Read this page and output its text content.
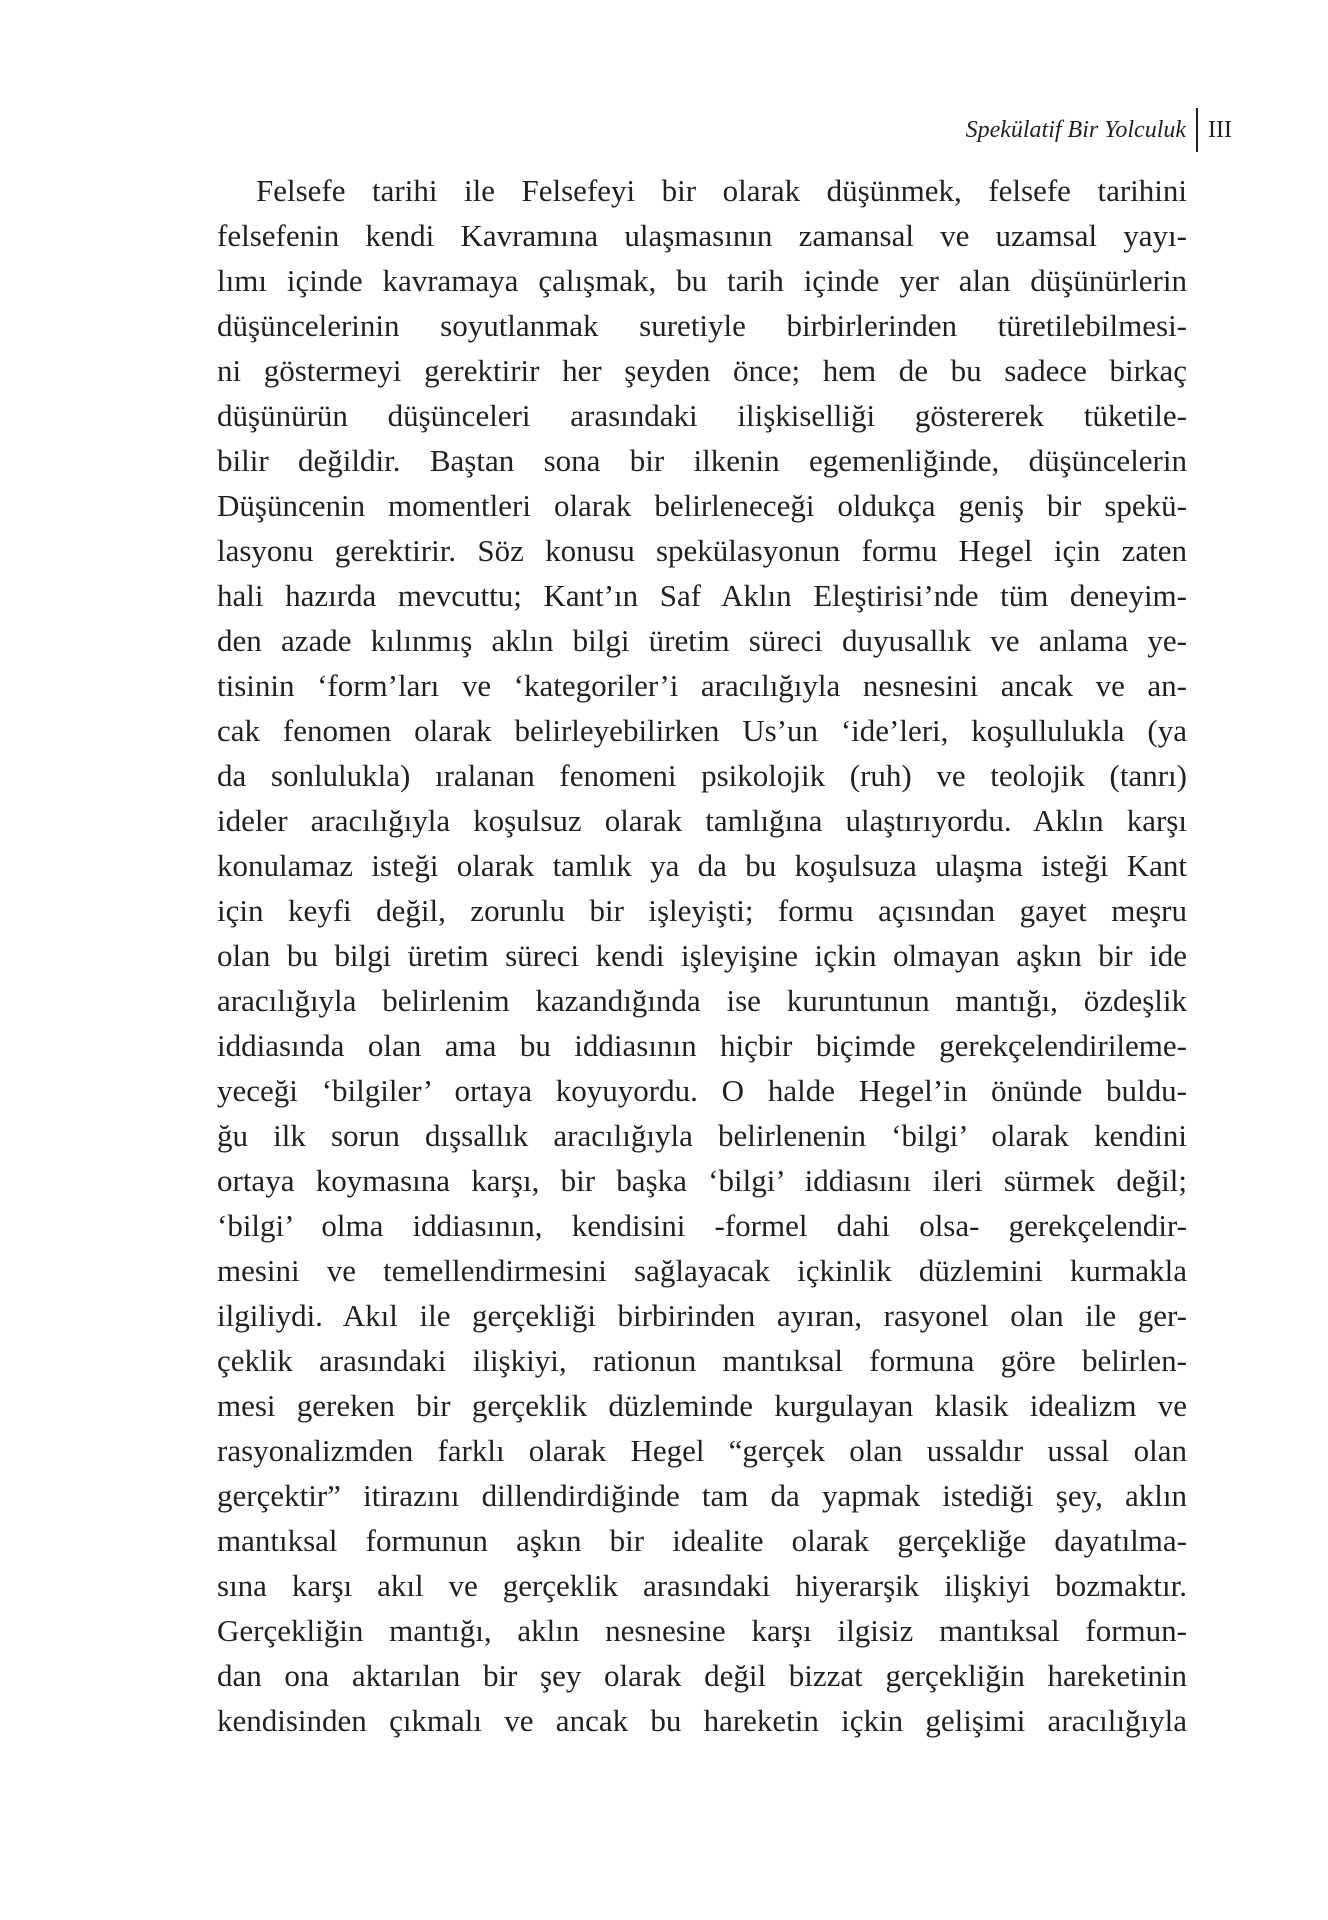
Spekülatif Bir Yolculuk III
Felsefe tarihi ile Felsefeyi bir olarak düşünmek, felsefe tarihini
felsefenin kendi Kavramına ulaşmasının zamansal ve uzamsal yayı-
lımı içinde kavramaya çalışmak, bu tarih içinde yer alan düşünürlerin
düşüncelerinin soyutlanmak suretiyle birbirlerinden türetilebilmesi-
ni göstermeyi gerektirir her şeyden önce; hem de bu sadece birkaç
düşünürün düşünceleri arasındaki ilişkiselliği göstererek tüketile-
bilir değildir. Baştan sona bir ilkenin egemenliğinde, düşüncelerin
Düşüncenin momentleri olarak belirleneceği oldukça geniş bir spekü-
lasyonu gerektirir. Söz konusu spekülasyonun formu Hegel için zaten
hali hazırda mevcuttu; Kant’ın Saf Aklın Eleştirisi’nde tüm deneyim-
den azade kılınmış aklın bilgi üretim süreci duyusallık ve anlama ye-
tisinin ‘form’ları ve ‘kategoriler’i aracılığıyla nesnesini ancak ve an-
cak fenomen olarak belirleyebilirken Us’un ‘ide’leri, koşullulukla (ya
da sonlulukla) ıralanan fenomeni psikolojik (ruh) ve teolojik (tanrı)
ideler aracılığıyla koşulsuz olarak tamlığına ulaştırıyordu. Aklın karşı
konulamaz isteği olarak tamlık ya da bu koşulsuza ulaşma isteği Kant
için keyfi değil, zorunlu bir işleyişti; formu açısından gayet meşru
olan bu bilgi üretim süreci kendi işleyişine içkin olmayan aşkın bir ide
aracılığıyla belirlenim kazandığında ise kuruntunun mantığı, özdeşlik
iddiasında olan ama bu iddiasının hiçbir biçimde gerekçelendirileme-
yeceği ‘bilgiler’ ortaya koyuyordu. O halde Hegel’in önünde buldu-
ğu ilk sorun dışsallık aracılığıyla belirlenenin ‘bilgi’ olarak kendini
ortaya koymasına karşı, bir başka ‘bilgi’ iddiasını ileri sürmek değil;
‘bilgi’ olma iddiasının, kendisini -formel dahi olsa- gerekçelendir-
mesini ve temellendirmesini sağlayacak içkinlik düzlemini kurmakla
ilgiliydi. Akıl ile gerçekliği birbirinden ayıran, rasyonel olan ile ger-
çeklik arasındaki ilişkiyi, rationun mantıksal formuna göre belirlen-
mesi gereken bir gerçeklik düzleminde kurgulayan klasik idealizm ve
rasyonalizmden farklı olarak Hegel “gerçek olan ussaldır ussal olan
gerçektir” itirazını dillendirdiğinde tam da yapmak istediği şey, aklın
mantıksal formunun aşkın bir idealite olarak gerçekliğe dayatılma-
sına karşı akıl ve gerçeklik arasındaki hiyerarşik ilişkiyi bozmaktır.
Gerçekliğin mantığı, aklın nesnesine karşı ilgisiz mantıksal formun-
dan ona aktarılan bir şey olarak değil bizzat gerçekliğin hareketinin
kendisinden çıkmalı ve ancak bu hareketin içkin gelişimi aracılığıyla
